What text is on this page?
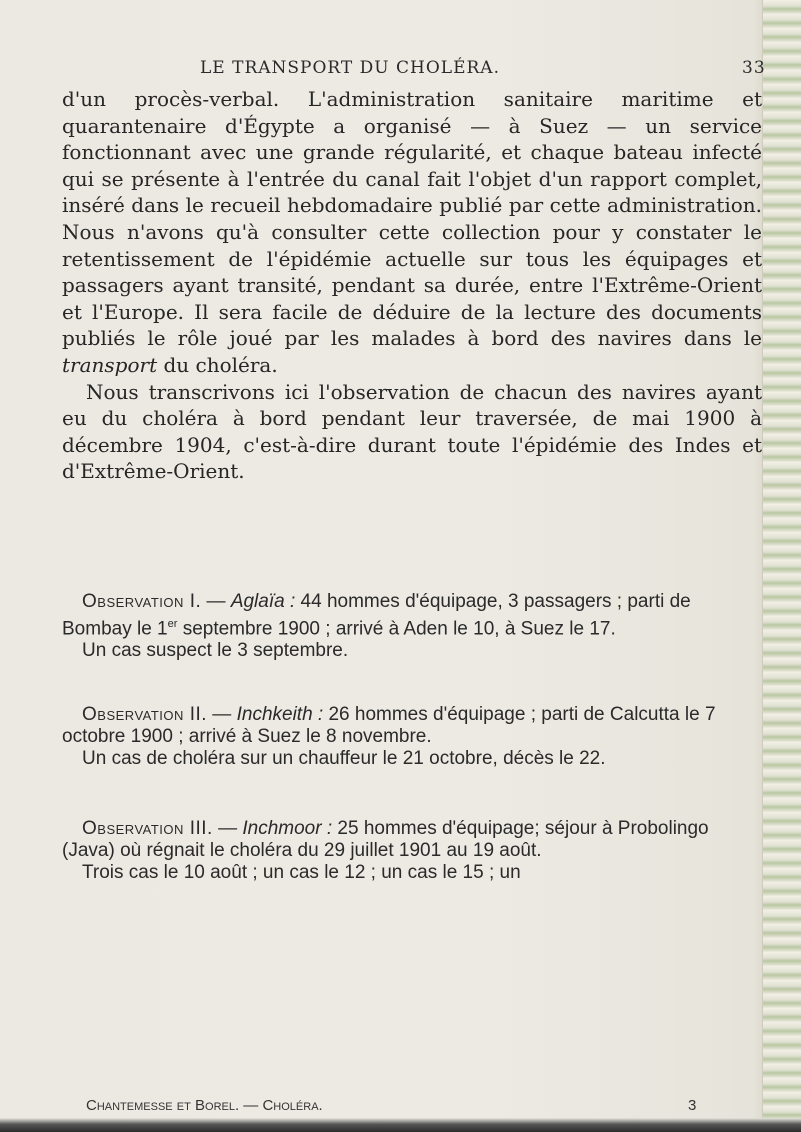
LE TRANSPORT DU CHOLÉRA.	33

d'un procès-verbal. L'administration sanitaire maritime et quarantenaire d'Égypte a organisé — à Suez — un service fonctionnant avec une grande régularité, et chaque bateau infecté qui se présente à l'entrée du canal fait l'objet d'un rapport complet, inséré dans le recueil hebdomadaire publié par cette administration. Nous n'avons qu'à consulter cette collection pour y constater le retentissement de l'épidémie actuelle sur tous les équipages et passagers ayant transité, pendant sa durée, entre l'Extrême-Orient et l'Europe. Il sera facile de déduire de la lecture des documents publiés le rôle joué par les malades à bord des navires dans le transport du choléra.

Nous transcrivons ici l'observation de chacun des navires ayant eu du choléra à bord pendant leur traversée, de mai 1900 à décembre 1904, c'est-à-dire durant toute l'épidémie des Indes et d'Extrême-Orient.

Observation I. — Aglaïa : 44 hommes d'équipage, 3 passagers ; parti de Bombay le 1er septembre 1900 ; arrivé à Aden le 10, à Suez le 17.

Un cas suspect le 3 septembre.

Observation II. — Inchkeith : 26 hommes d'équipage ; parti de Calcutta le 7 octobre 1900 ; arrivé à Suez le 8 novembre.

Un cas de choléra sur un chauffeur le 21 octobre, décès le 22.

Observation III. — Inchmoor : 25 hommes d'équipage; séjour à Probolingo (Java) où régnait le choléra du 29 juillet 1901 au 19 août.

Trois cas le 10 août ; un cas le 12 ; un cas le 15 ; un

Chantemesse et Borel. — Choléra.	3
